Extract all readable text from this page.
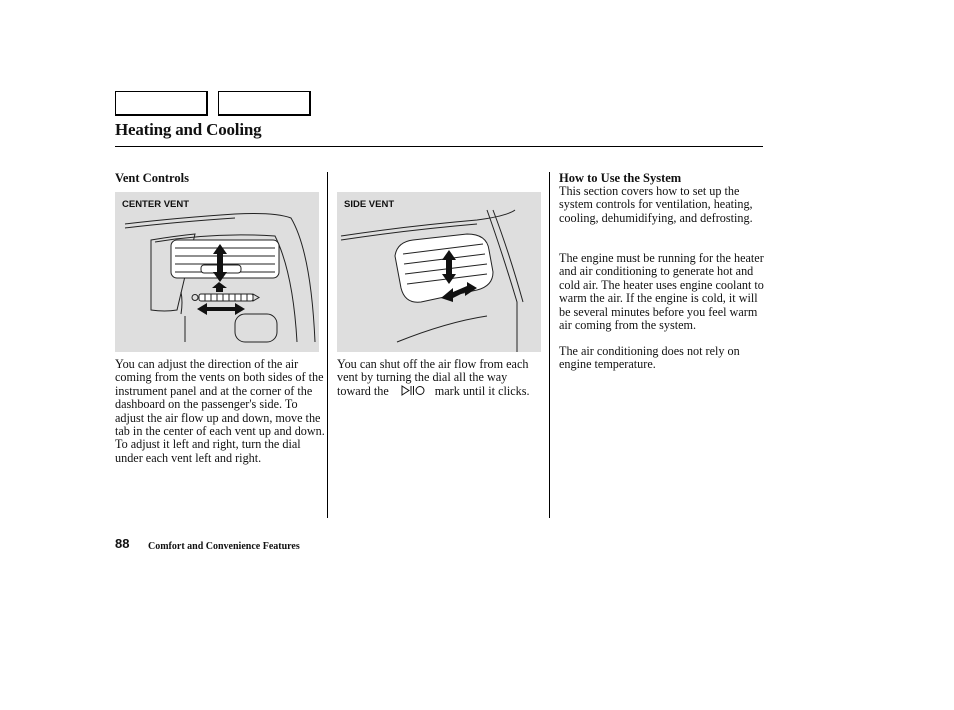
Heating and Cooling
Vent Controls
CENTER VENT
You can adjust the direction of the air coming from the vents on both sides of the instrument panel and at the corner of the dashboard on the passenger's side. To adjust the air flow up and down, move the tab in the center of each vent up and down. To adjust it left and right, turn the dial under each vent left and right.
SIDE VENT
You can shut off the air flow from each vent by turning the dial all the way toward the	mark until it clicks.
How to Use the System
This section covers how to set up the system controls for ventilation, heating, cooling, dehumidifying, and defrosting.
The engine must be running for the heater and air conditioning to generate hot and cold air. The heater uses engine coolant to warm the air. If the engine is cold, it will be several minutes before you feel warm air coming from the system.
The air conditioning does not rely on engine temperature.
88 Comfort and Convenience Features
